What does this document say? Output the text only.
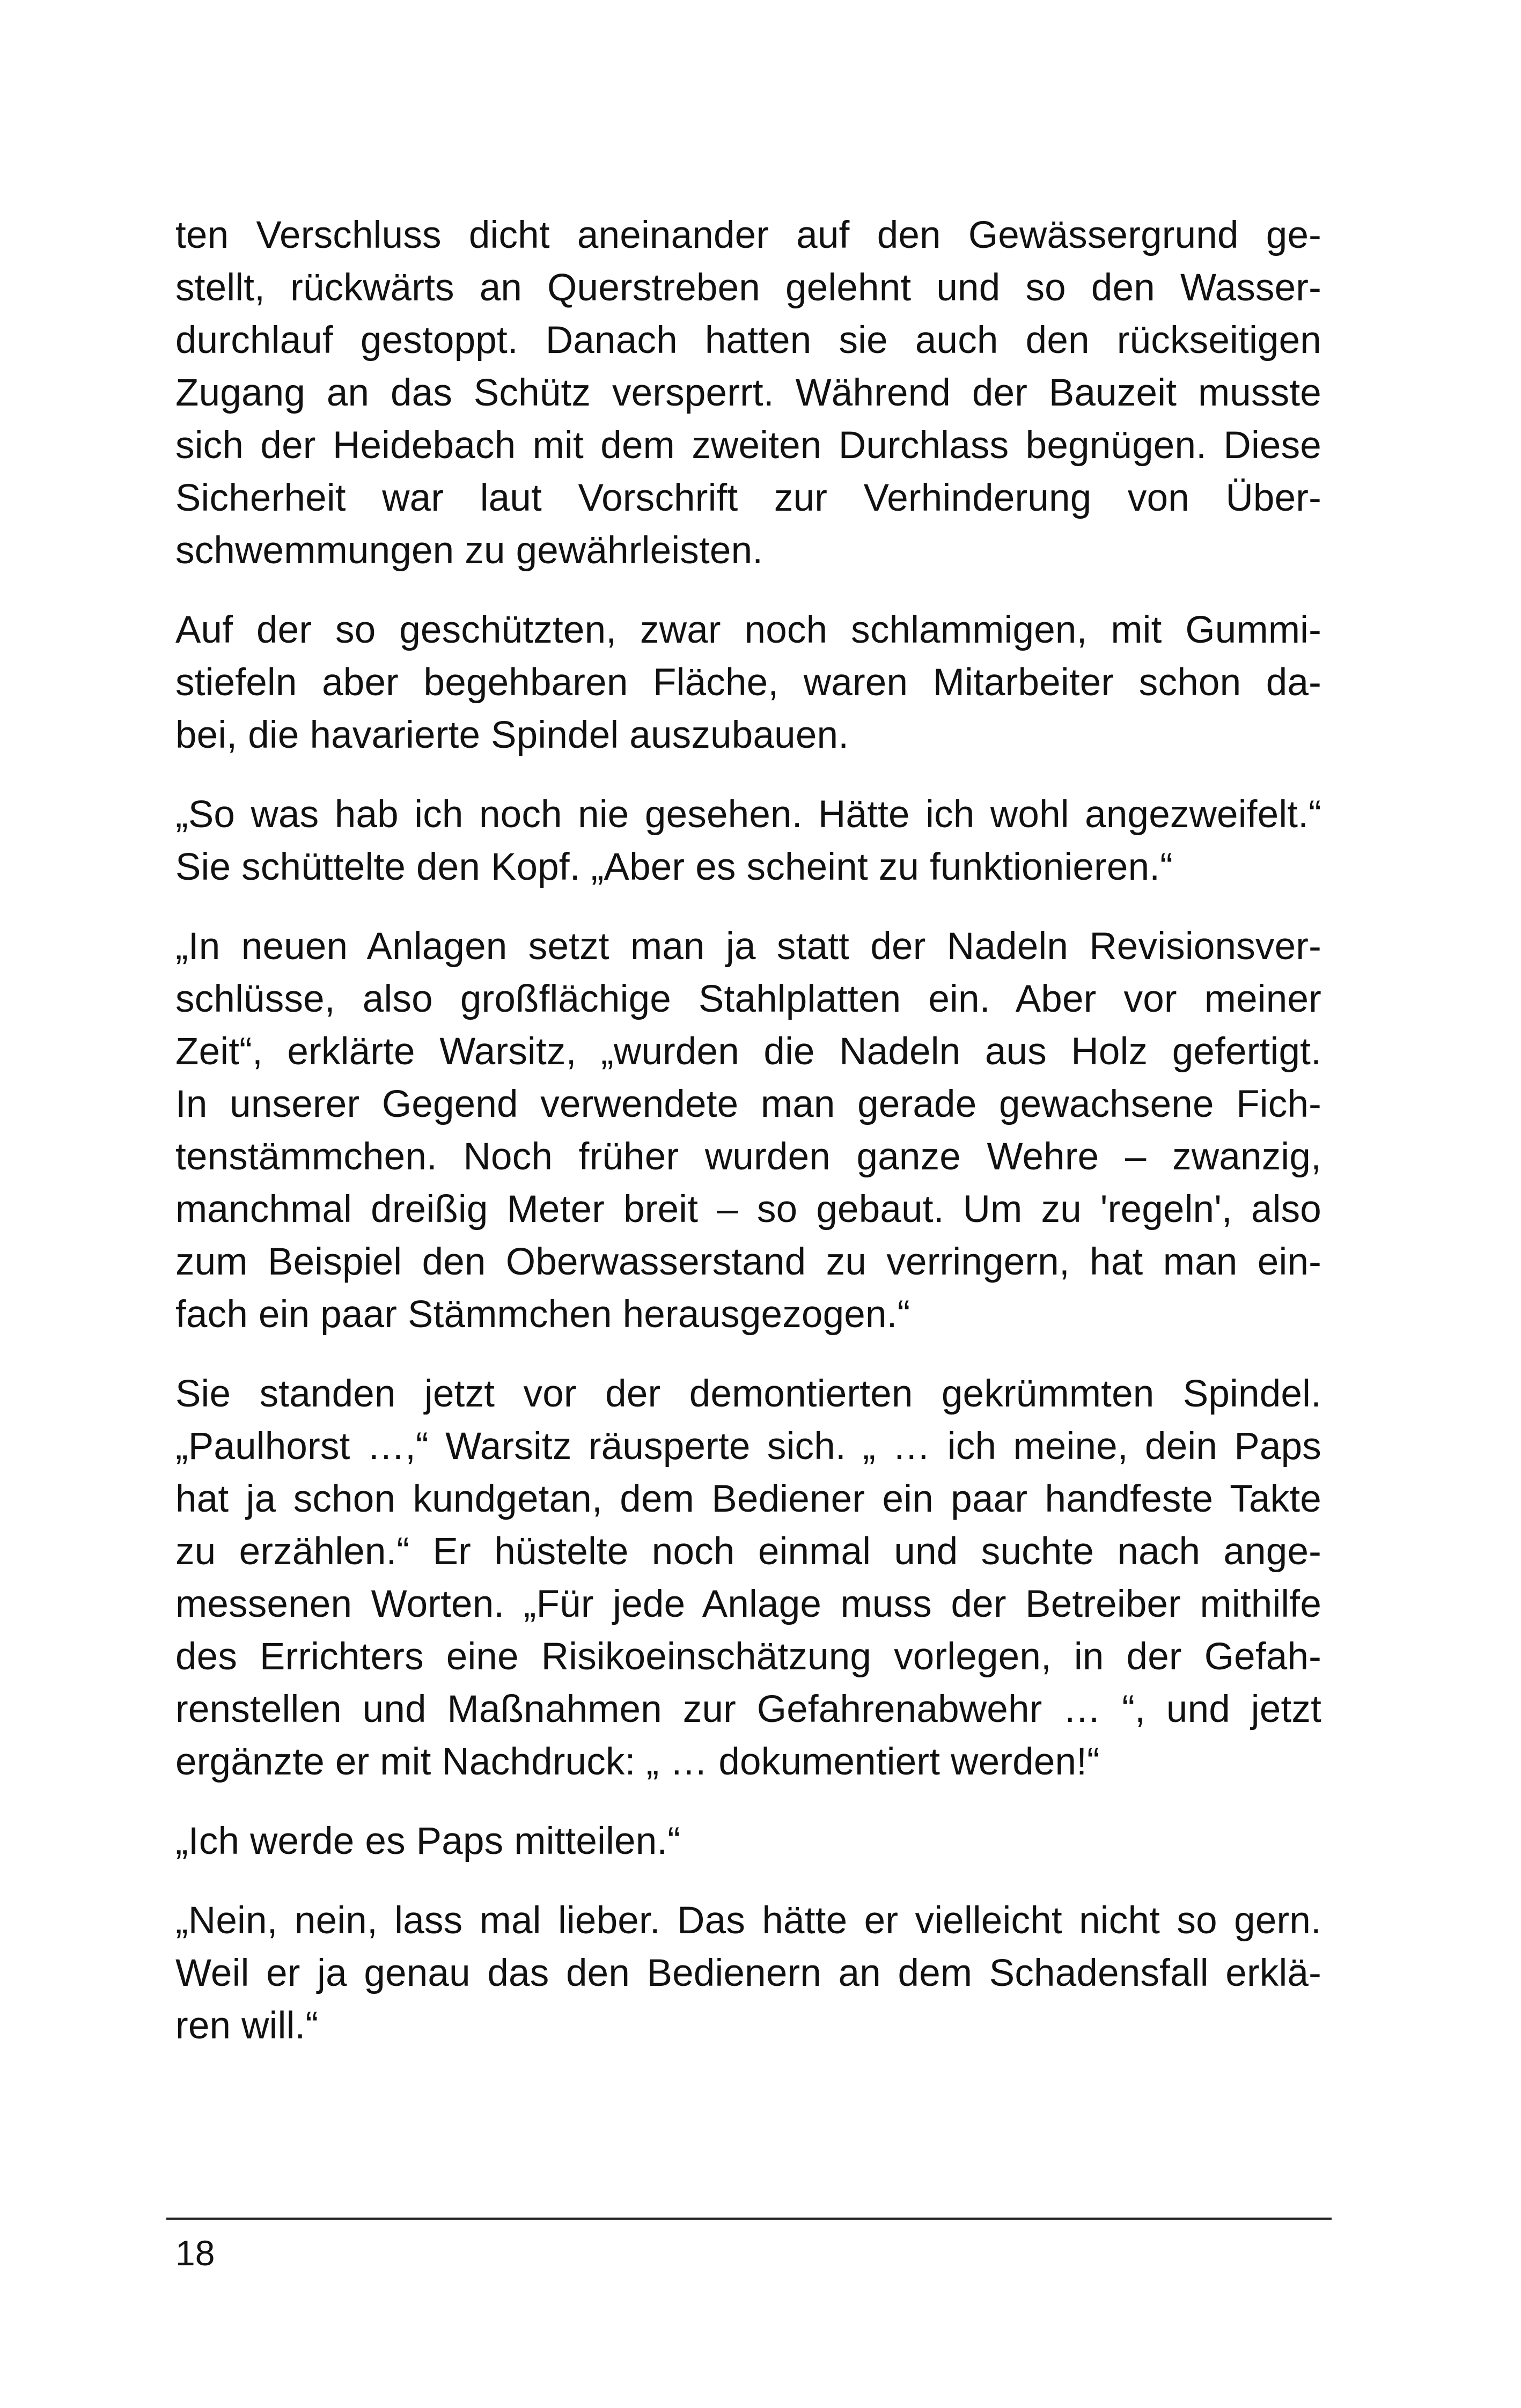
ten Verschluss dicht aneinander auf den Gewässergrund ge-
stellt, rückwärts an Querstreben gelehnt und so den Wasser-
durchlauf gestoppt. Danach hatten sie auch den rückseitigen
Zugang an das Schütz versperrt. Während der Bauzeit musste
sich der Heidebach mit dem zweiten Durchlass begnügen. Diese
Sicherheit war laut Vorschrift zur Verhinderung von Über-
schwemmungen zu gewährleisten.

Auf der so geschützten, zwar noch schlammigen, mit Gummi-
stiefeln aber begehbaren Fläche, waren Mitarbeiter schon da-
bei, die havarierte Spindel auszubauen.

„So was hab ich noch nie gesehen. Hätte ich wohl angezweifelt.“
Sie schüttelte den Kopf. „Aber es scheint zu funktionieren.“

„In neuen Anlagen setzt man ja statt der Nadeln Revisionsver-
schlüsse, also großflächige Stahlplatten ein. Aber vor meiner
Zeit“, erklärte Warsitz, „wurden die Nadeln aus Holz gefertigt.
In unserer Gegend verwendete man gerade gewachsene Fich-
tenstämmchen. Noch früher wurden ganze Wehre – zwanzig,
manchmal dreißig Meter breit – so gebaut. Um zu 'regeln', also
zum Beispiel den Oberwasserstand zu verringern, hat man ein-
fach ein paar Stämmchen herausgezogen.“

Sie standen jetzt vor der demontierten gekrümmten Spindel.
„Paulhorst …,“ Warsitz räusperte sich. „ … ich meine, dein Paps
hat ja schon kundgetan, dem Bediener ein paar handfeste Takte
zu erzählen.“ Er hüstelte noch einmal und suchte nach ange-
messenen Worten. „Für jede Anlage muss der Betreiber mithilfe
des Errichters eine Risikoeinschätzung vorlegen, in der Gefah-
renstellen und Maßnahmen zur Gefahrenabwehr … “, und jetzt
ergänzte er mit Nachdruck: „ … dokumentiert werden!“

„Ich werde es Paps mitteilen.“

„Nein, nein, lass mal lieber. Das hätte er vielleicht nicht so gern.
Weil er ja genau das den Bedienern an dem Schadensfall erklä-
ren will.“

18
